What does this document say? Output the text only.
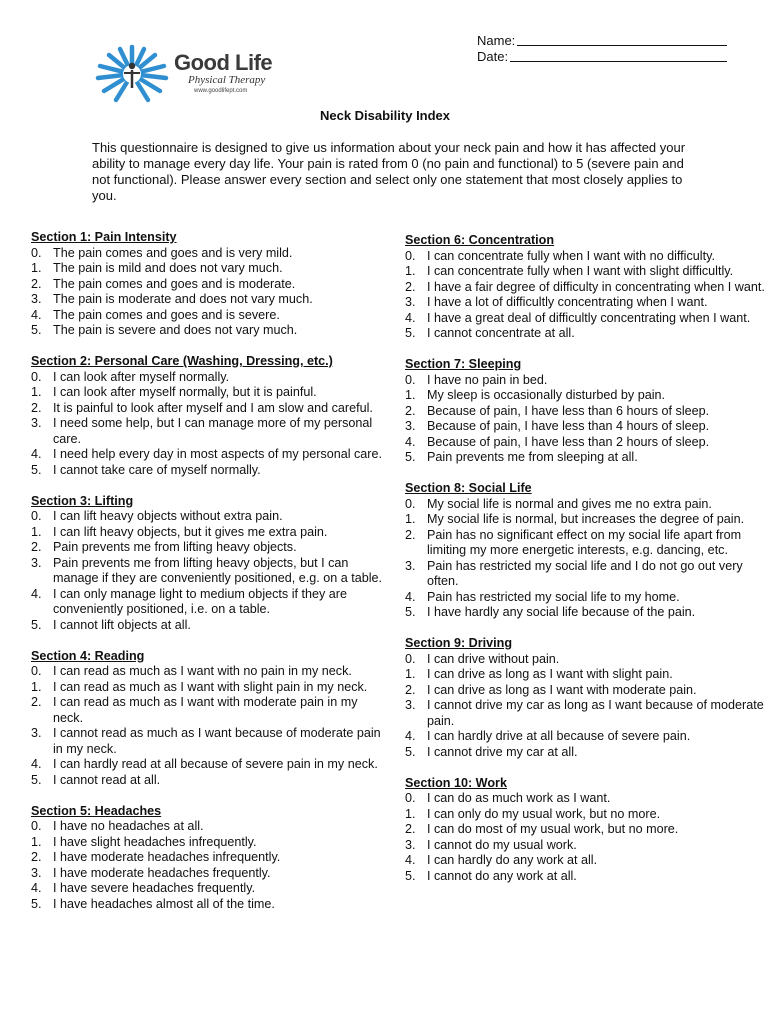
Good Life
Physical Therapy
www.goodlifept.com
Name:
Date:
Neck Disability Index
This questionnaire is designed to give us information about your neck pain and how it has affected your ability to manage every day life. Your pain is rated from 0 (no pain and functional) to 5 (severe pain and not functional). Please answer every section and select only one statement that most closely applies to you.
Section 1: Pain Intensity
0. The pain comes and goes and is very mild.
1. The pain is mild and does not vary much.
2. The pain comes and goes and is moderate.
3. The pain is moderate and does not vary much.
4. The pain comes and goes and is severe.
5. The pain is severe and does not vary much.
Section 2: Personal Care (Washing, Dressing, etc.)
0. I can look after myself normally.
1. I can look after myself normally, but it is painful.
2. It is painful to look after myself and I am slow and careful.
3. I need some help, but I can manage more of my personal care.
4. I need help every day in most aspects of my personal care.
5. I cannot take care of myself normally.
Section 3: Lifting
0. I can lift heavy objects without extra pain.
1. I can lift heavy objects, but it gives me extra pain.
2. Pain prevents me from lifting heavy objects.
3. Pain prevents me from lifting heavy objects, but I can manage if they are conveniently positioned, e.g. on a table.
4. I can only manage light to medium objects if they are conveniently positioned, i.e. on a table.
5. I cannot lift objects at all.
Section 4: Reading
0. I can read as much as I want with no pain in my neck.
1. I can read as much as I want with slight pain in my neck.
2. I can read as much as I want with moderate pain in my neck.
3. I cannot read as much as I want because of moderate pain in my neck.
4. I can hardly read at all because of severe pain in my neck.
5. I cannot read at all.
Section 5: Headaches
0. I have no headaches at all.
1. I have slight headaches infrequently.
2. I have moderate headaches infrequently.
3. I have moderate headaches frequently.
4. I have severe headaches frequently.
5. I have headaches almost all of the time.
Section 6: Concentration
0. I can concentrate fully when I want with no difficulty.
1. I can concentrate fully when I want with slight difficultly.
2. I have a fair degree of difficulty in concentrating when I want.
3. I have a lot of difficultly concentrating when I want.
4. I have a great deal of difficultly concentrating when I want.
5. I cannot concentrate at all.
Section 7: Sleeping
0. I have no pain in bed.
1. My sleep is occasionally disturbed by pain.
2. Because of pain, I have less than 6 hours of sleep.
3. Because of pain, I have less than 4 hours of sleep.
4. Because of pain, I have less than 2 hours of sleep.
5. Pain prevents me from sleeping at all.
Section 8: Social Life
0. My social life is normal and gives me no extra pain.
1. My social life is normal, but increases the degree of pain.
2. Pain has no significant effect on my social life apart from limiting my more energetic interests, e.g. dancing, etc.
3. Pain has restricted my social life and I do not go out very often.
4. Pain has restricted my social life to my home.
5. I have hardly any social life because of the pain.
Section 9: Driving
0. I can drive without pain.
1. I can drive as long as I want with slight pain.
2. I can drive as long as I want with moderate pain.
3. I cannot drive my car as long as I want because of moderate pain.
4. I can hardly drive at all because of severe pain.
5. I cannot drive my car at all.
Section 10: Work
0. I can do as much work as I want.
1. I can only do my usual work, but no more.
2. I can do most of my usual work, but no more.
3. I cannot do my usual work.
4. I can hardly do any work at all.
5. I cannot do any work at all.
